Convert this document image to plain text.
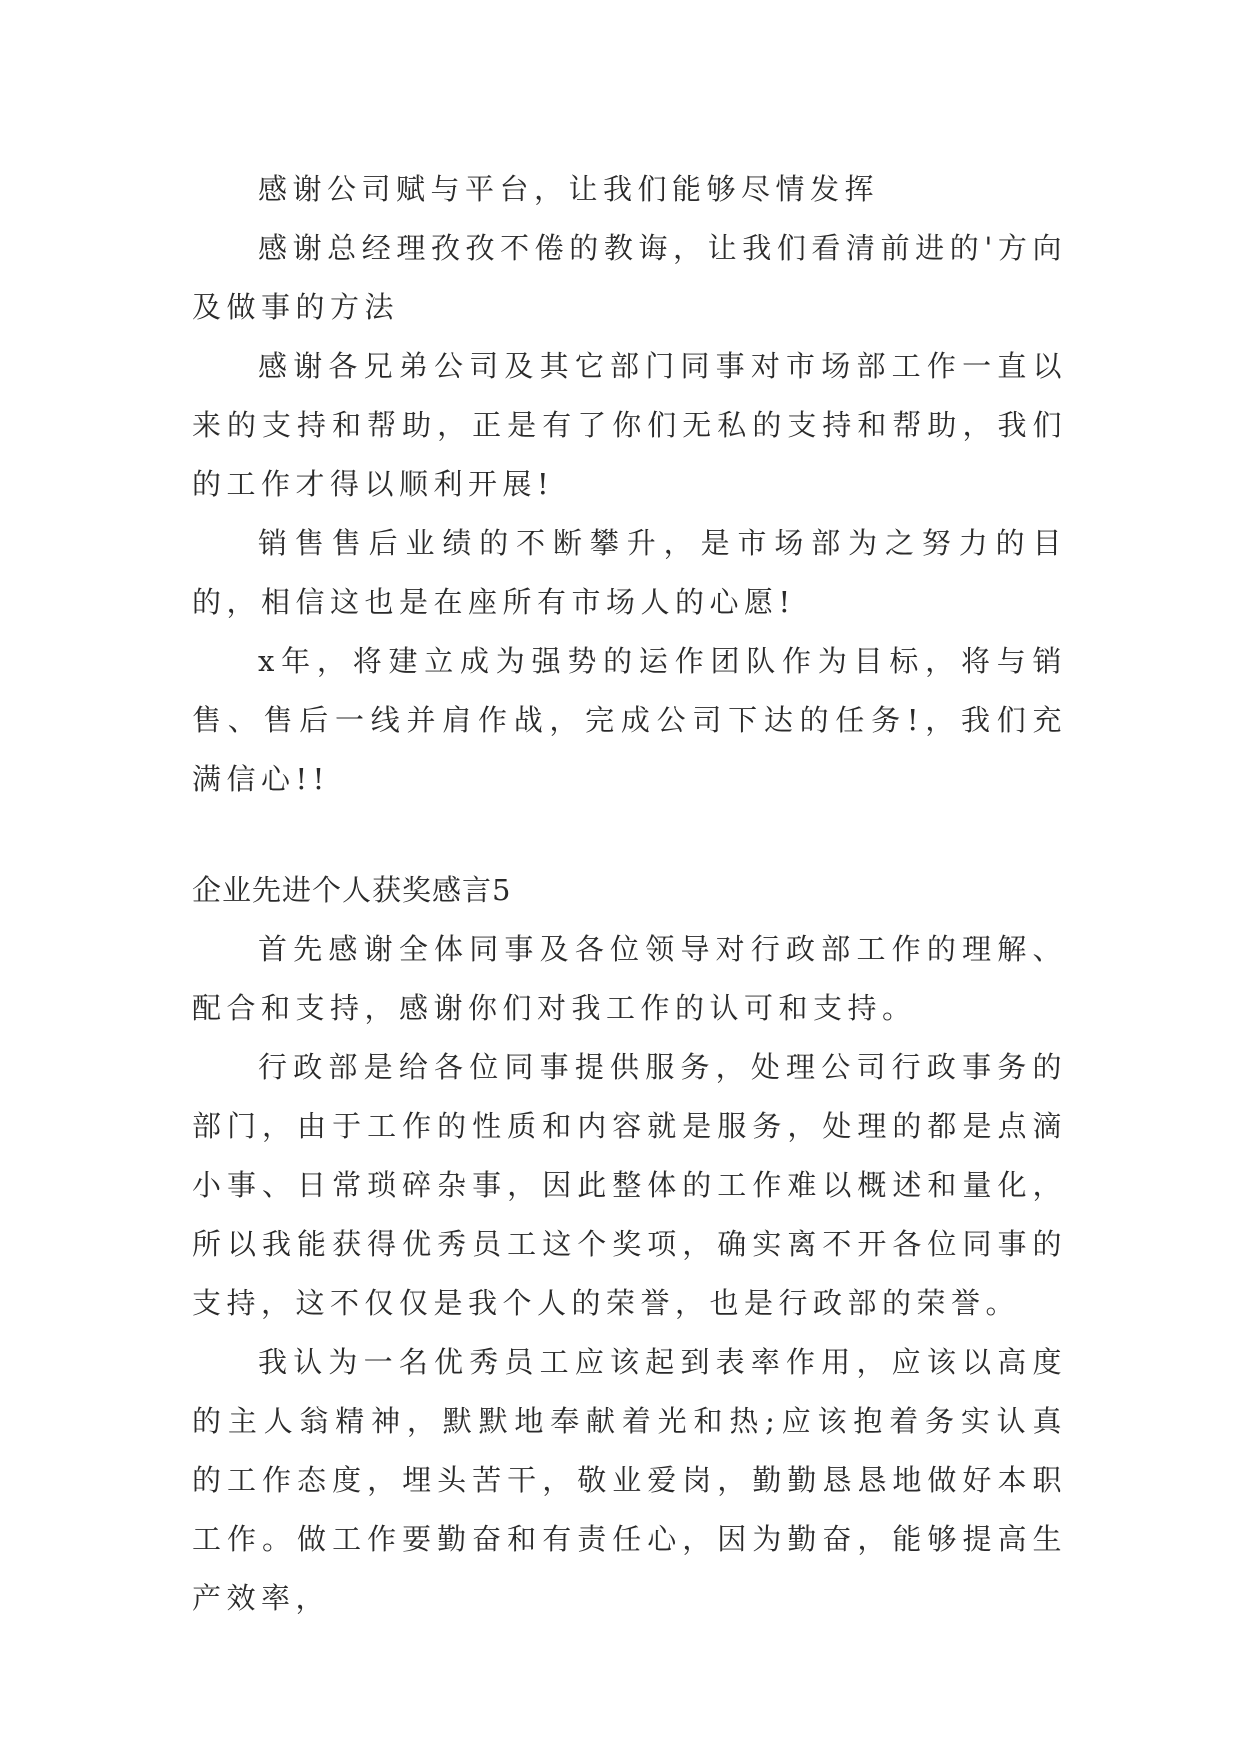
感谢公司赋与平台，让我们能够尽情发挥

感谢总经理孜孜不倦的教诲，让我们看清前进的'方向及做事的方法

感谢各兄弟公司及其它部门同事对市场部工作一直以来的支持和帮助，正是有了你们无私的支持和帮助，我们的工作才得以顺利开展!

销售售后业绩的不断攀升，是市场部为之努力的目的，相信这也是在座所有市场人的心愿!

x年，将建立成为强势的运作团队作为目标，将与销售、售后一线并肩作战，完成公司下达的任务!，我们充满信心!!

企业先进个人获奖感言5

首先感谢全体同事及各位领导对行政部工作的理解、配合和支持，感谢你们对我工作的认可和支持。

行政部是给各位同事提供服务，处理公司行政事务的部门，由于工作的性质和内容就是服务，处理的都是点滴小事、日常琐碎杂事，因此整体的工作难以概述和量化，所以我能获得优秀员工这个奖项，确实离不开各位同事的支持，这不仅仅是我个人的荣誉，也是行政部的荣誉。

我认为一名优秀员工应该起到表率作用，应该以高度的主人翁精神，默默地奉献着光和热;应该抱着务实认真的工作态度，埋头苦干，敬业爱岗，勤勤恳恳地做好本职工作。做工作要勤奋和有责任心，因为勤奋，能够提高生产效率，
